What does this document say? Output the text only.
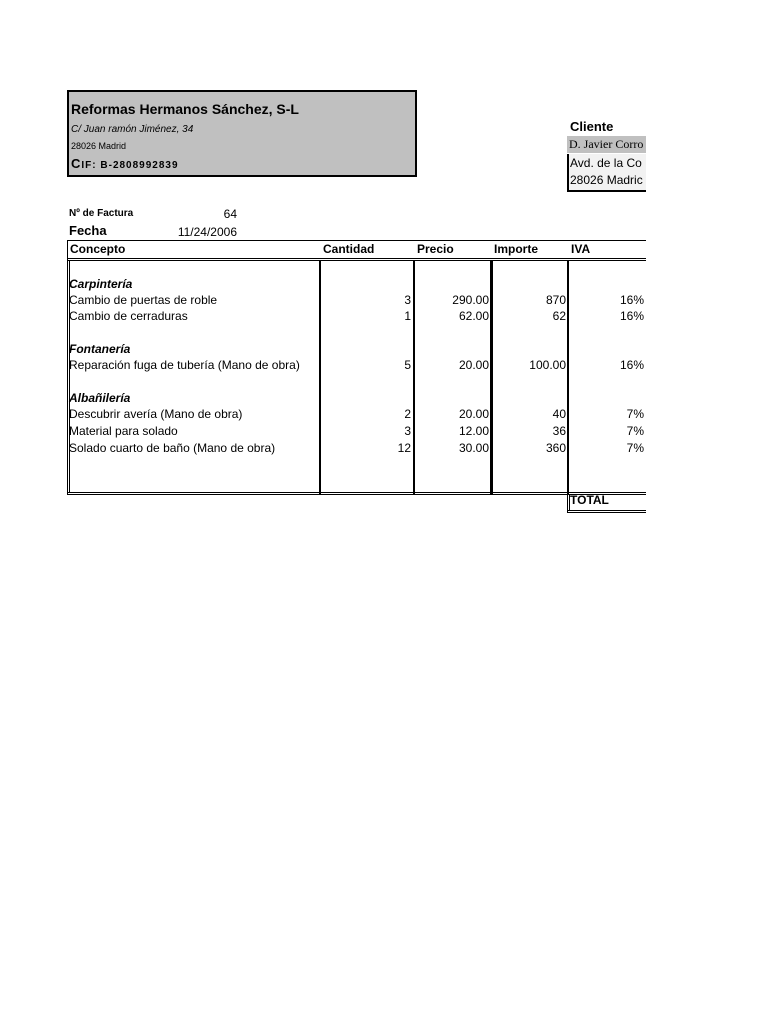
Reformas Hermanos Sánchez, S-L
C/ Juan ramón Jiménez, 34
28026 Madrid
CIF: B-2808992839
Cliente
D. Javier Corro
Avd. de la Co
28026 Madric
Nº de Factura	64
Fecha	11/24/2006
Concepto	Cantidad	Precio	Importe	IVA
Carpintería
Cambio de puertas de roble	3	290.00	870	16%
Cambio de cerraduras	1	62.00	62	16%
Fontanería
Reparación fuga de tubería (Mano de obra)	5	20.00	100.00	16%
Albañilería
Descubrir avería (Mano de obra)	2	20.00	40	7%
Material para solado	3	12.00	36	7%
Solado cuarto de baño (Mano de obra)	12	30.00	360	7%
TOTAL
